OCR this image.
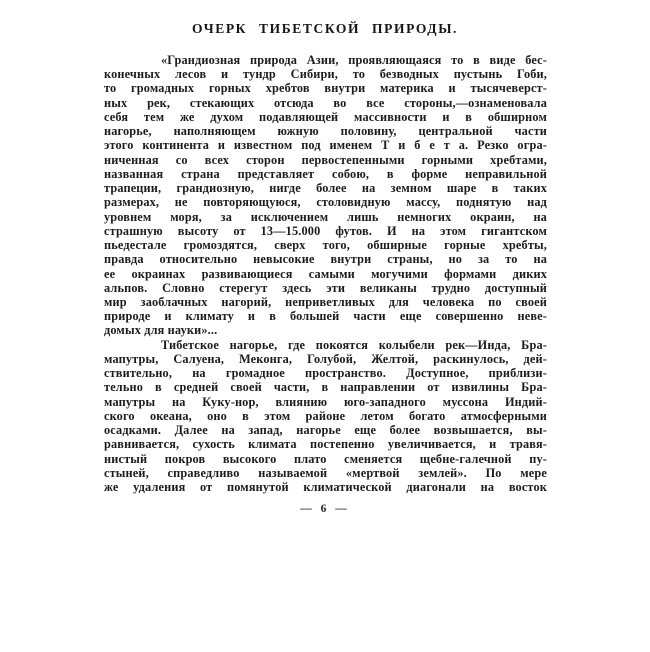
ОЧЕРК ТИБЕТСКОЙ ПРИРОДЫ.
«Грандиозная природа Азии, проявляющаяся то в виде бес-
конечных лесов и тундр Сибири, то безводных пустынь Гоби,
то громадных горных хребтов внутри материка и тысячеверст-
ных рек, стекающих отсюда во все стороны,—ознаменовала
себя тем же духом подавляющей массивности и в обширном
нагорье, наполняющем южную половину, центральной части
этого континента и известном под именем Т и б е т а. Резко огра-
ниченная со всех сторон первостепенными горными хребтами,
названная страна представляет собою, в форме неправильной
трапеции, грандиозную, нигде более на земном шаре в таких
размерах, не повторяющуюся, столовидную массу, поднятую над
уровнем моря, за исключением лишь немногих окраин, на
страшную высоту от 13—15.000 футов. И на этом гигантском
пьедестале громоздятся, сверх того, обширные горные хребты,
правда относительно невысокие внутри страны, но за то на
ее окраинах развивающиеся самыми могучими формами диких
альпов. Словно стерегут здесь эти великаны трудно доступный
мир заоблачных нагорий, неприветливых для человека по своей
природе и климату и в большей части еще совершенно неве-
домых для науки»...
Тибетское нагорье, где покоятся колыбели рек—Инда, Бра-
мапутры, Салуена, Меконга, Голубой, Желтой, раскинулось, дей-
ствительно, на громадное пространство. Доступное, приблизи-
тельно в средней своей части, в направлении от извилины Бра-
мапутры на Куку-нор, влиянию юго-западного муссона Индий-
ского океана, оно в этом районе летом богато атмосферными
осадками. Далее на запад, нагорье еще более возвышается, вы-
равнивается, сухость климата постепенно увеличивается, и травя-
нистый покров высокого плато сменяется щебне-галечной пу-
стыней, справедливо называемой «мертвой землей». По мере
же удаления от помянутой климатической диагонали на восток
— 6 —
